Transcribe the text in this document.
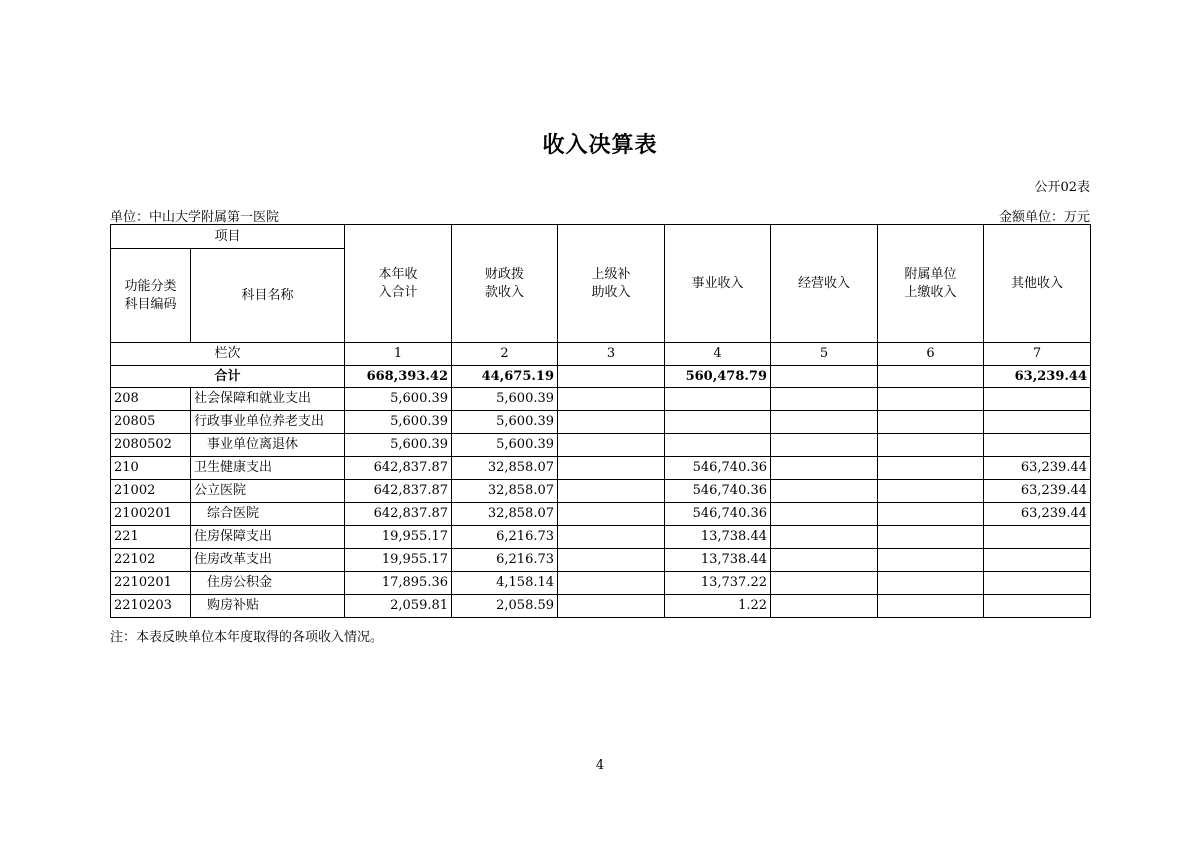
收入决算表
公开02表
单位：中山大学附属第一医院	金额单位：万元
项目		本年收入合计	财政拨款收入	上级补助收入	事业收入	经营收入	附属单位上缴收入	其他收入
功能分类科目编码	科目名称							
栏次		1	2	3	4	5	6	7
合计		668,393.42	44,675.19		560,478.79			63,239.44
208	社会保障和就业支出	5,600.39	5,600.39					
20805	行政事业单位养老支出	5,600.39	5,600.39					
2080502	事业单位离退休	5,600.39	5,600.39					
210	卫生健康支出	642,837.87	32,858.07		546,740.36			63,239.44
21002	公立医院	642,837.87	32,858.07		546,740.36			63,239.44
2100201	综合医院	642,837.87	32,858.07		546,740.36			63,239.44
221	住房保障支出	19,955.17	6,216.73		13,738.44			
22102	住房改革支出	19,955.17	6,216.73		13,738.44			
2210201	住房公积金	17,895.36	4,158.14		13,737.22			
2210203	购房补贴	2,059.81	2,058.59		1.22			
注：本表反映单位本年度取得的各项收入情况。
4
